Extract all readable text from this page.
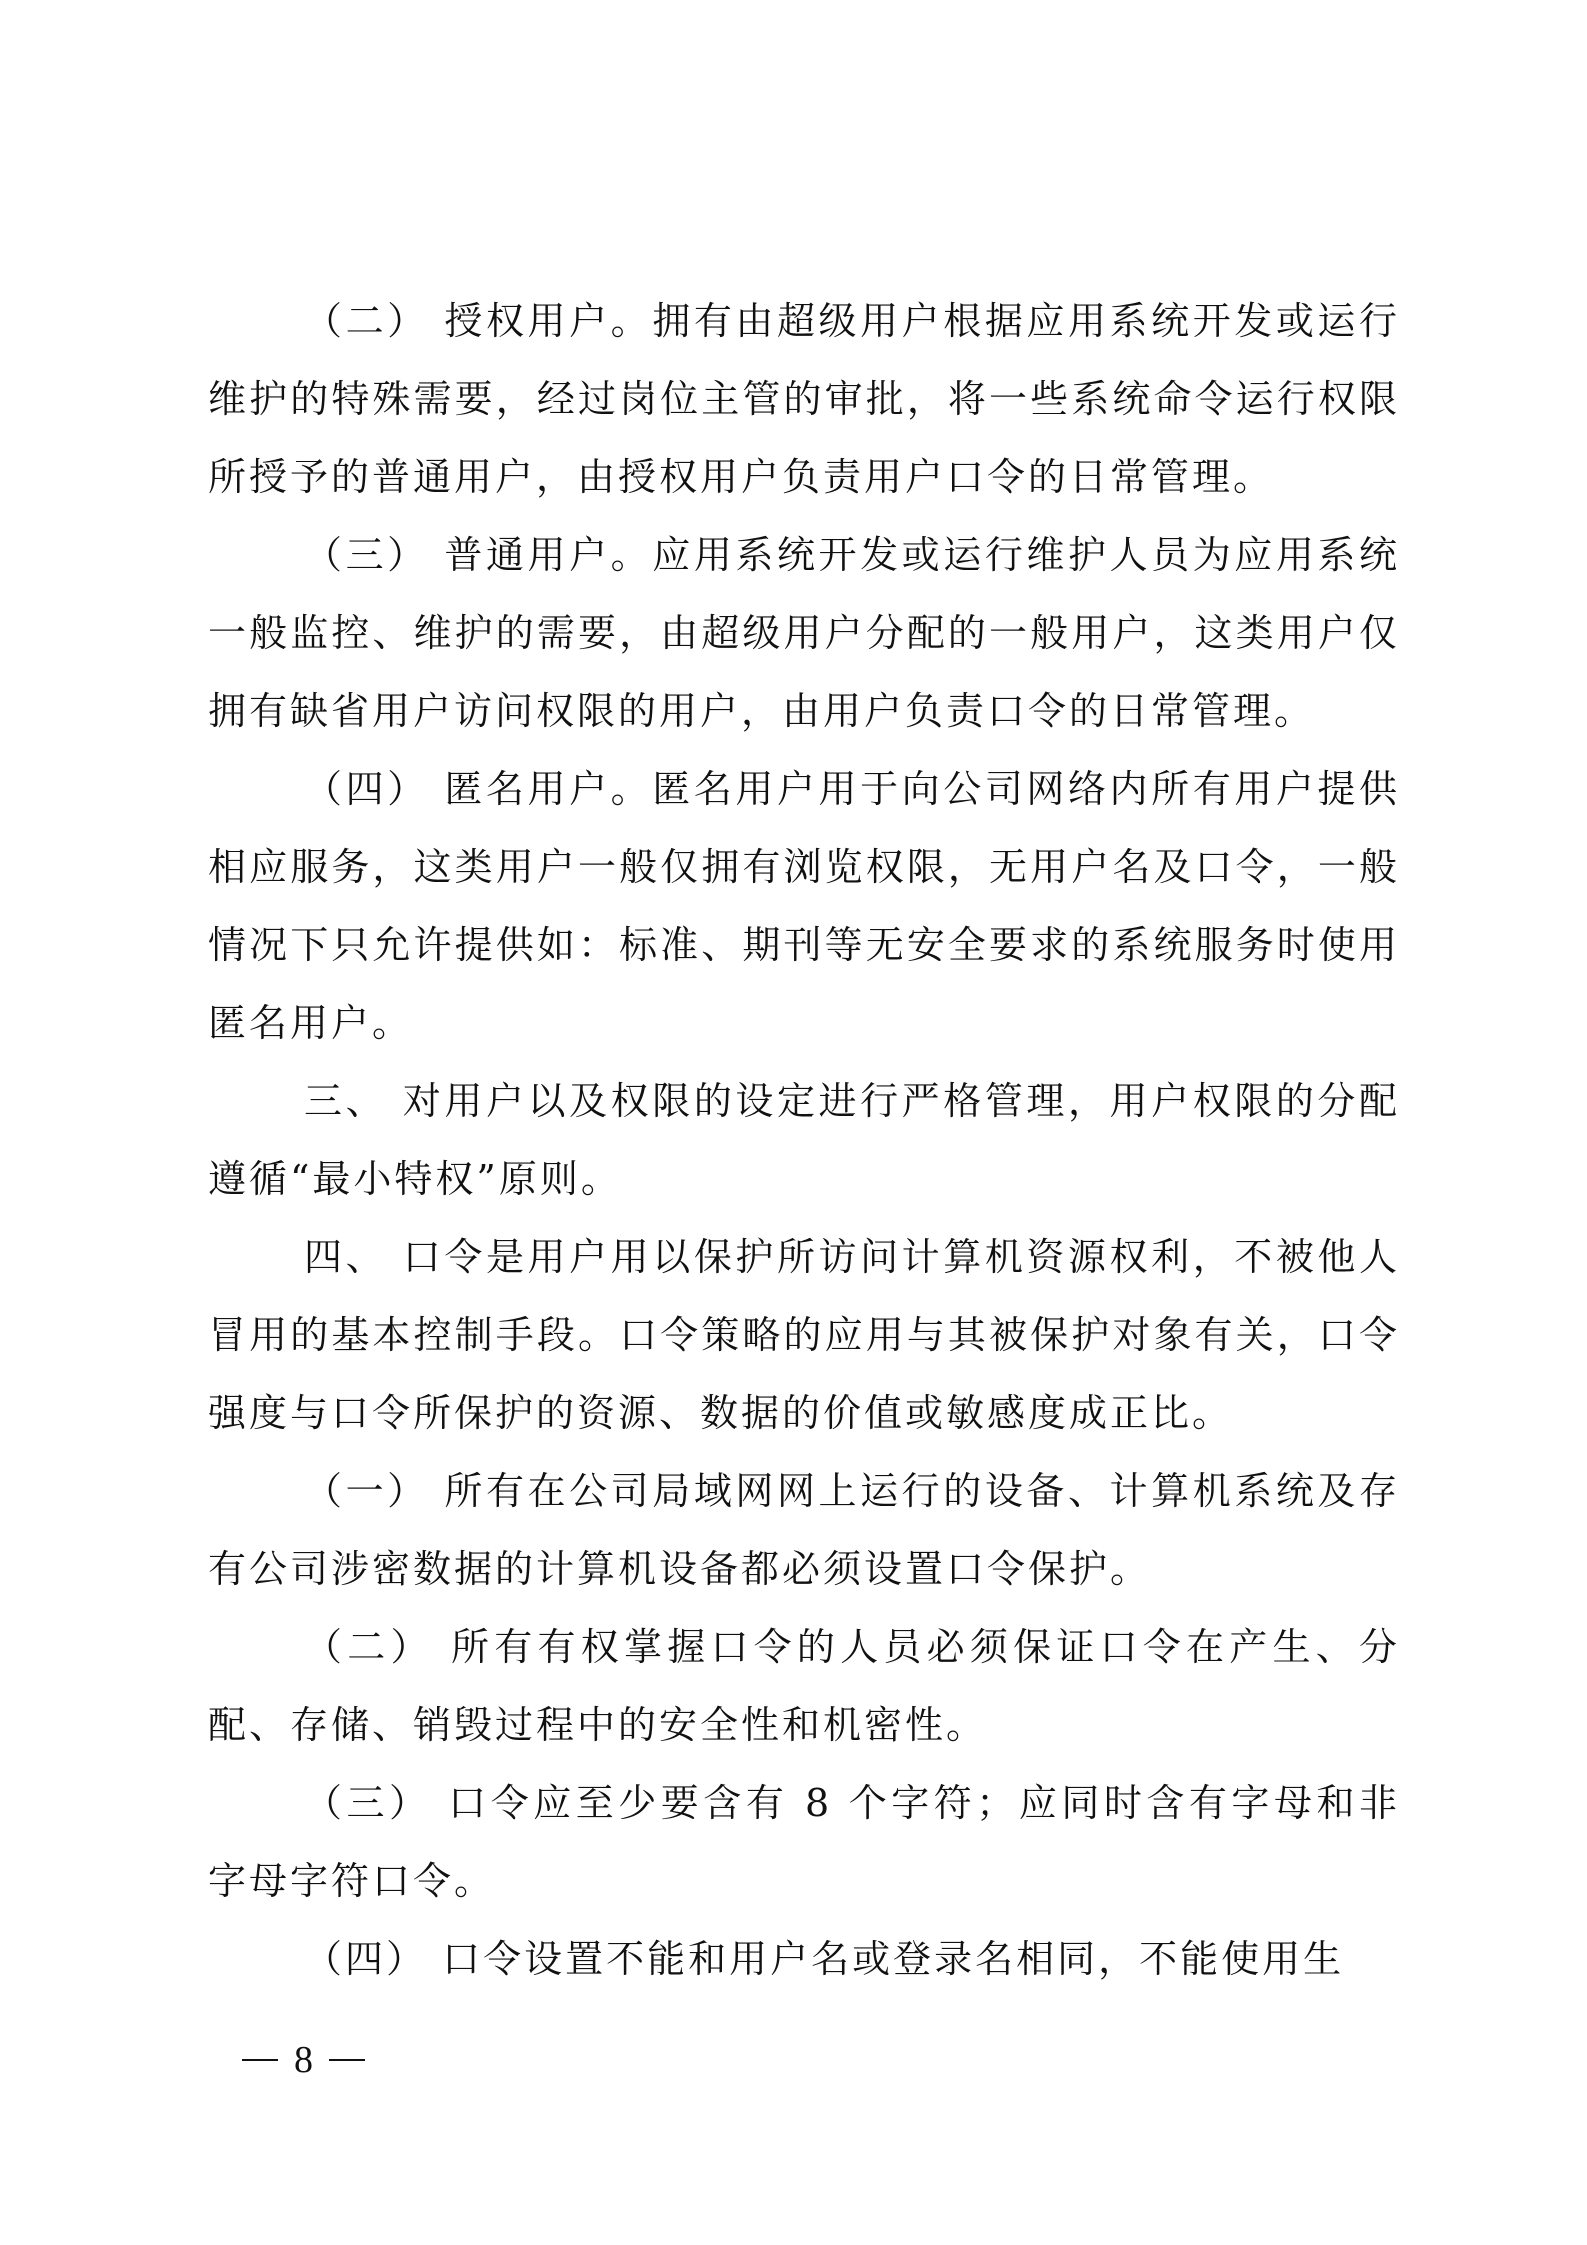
（二） 授权用户。拥有由超级用户根据应用系统开发或运行维护的特殊需要，经过岗位主管的审批，将一些系统命令运行权限所授予的普通用户，由授权用户负责用户口令的日常管理。

（三） 普通用户。应用系统开发或运行维护人员为应用系统一般监控、维护的需要，由超级用户分配的一般用户，这类用户仅拥有缺省用户访问权限的用户，由用户负责口令的日常管理。

（四） 匿名用户。匿名用户用于向公司网络内所有用户提供相应服务，这类用户一般仅拥有浏览权限，无用户名及口令，一般情况下只允许提供如：标准、期刊等无安全要求的系统服务时使用匿名用户。

三、 对用户以及权限的设定进行严格管理，用户权限的分配遵循“最小特权”原则。

四、 口令是用户用以保护所访问计算机资源权利，不被他人冒用的基本控制手段。口令策略的应用与其被保护对象有关，口令强度与口令所保护的资源、数据的价值或敏感度成正比。

（一） 所有在公司局域网网上运行的设备、计算机系统及存有公司涉密数据的计算机设备都必须设置口令保护。

（二） 所有有权掌握口令的人员必须保证口令在产生、分配、存储、销毁过程中的安全性和机密性。

（三） 口令应至少要含有 8 个字符；应同时含有字母和非字母字符口令。

（四） 口令设置不能和用户名或登录名相同，不能使用生

8
